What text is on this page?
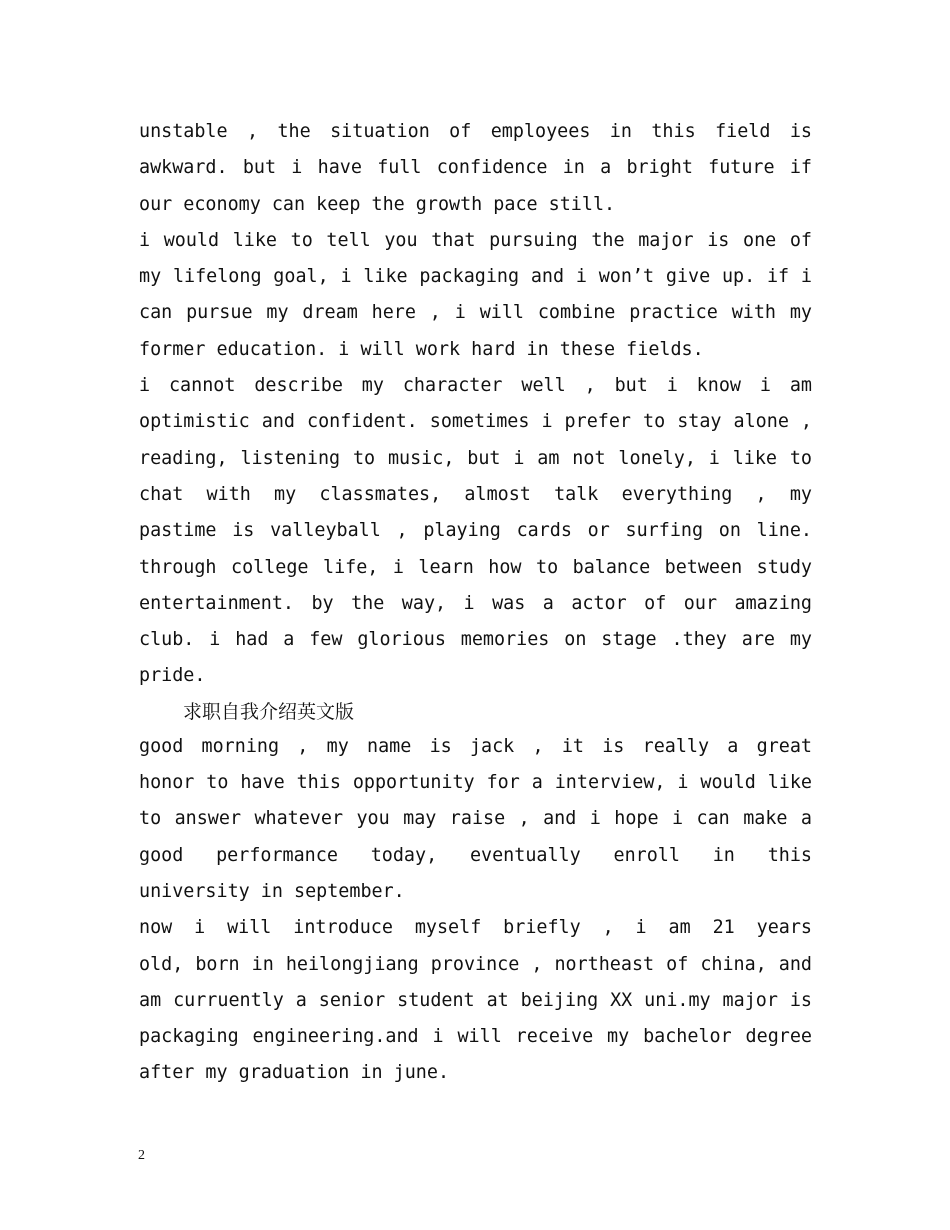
unstable , the situation of employees in this field is
awkward. but i have full confidence in a bright future if
our economy can keep the growth pace still.
i would like to tell you that pursuing the major is one of
my lifelong goal, i like packaging and i won’t give up. if i
can pursue my dream here , i will combine practice with my
former education. i will work hard in these fields.
i cannot describe my character well , but i know i am
optimistic and confident. sometimes i prefer to stay alone ,
reading, listening to music, but i am not lonely, i like to
chat with my classmates, almost talk everything , my
pastime is valleyball , playing cards or surfing on line.
through college life, i learn how to balance between study
entertainment. by the way, i was a actor of our amazing
club. i had a few glorious memories on stage .they are my
pride.
求职自我介绍英文版
good morning , my name is jack , it is really a great
honor to have this opportunity for a interview, i would like
to answer whatever you may raise , and i hope i can make a
good performance today, eventually enroll in this
university in september.
now i will introduce myself briefly , i am 21 years
old, born in heilongjiang province , northeast of china, and
am curruently a senior student at beijing XX uni.my major is
packaging engineering.and i will receive my bachelor degree
after my graduation in june.
2
